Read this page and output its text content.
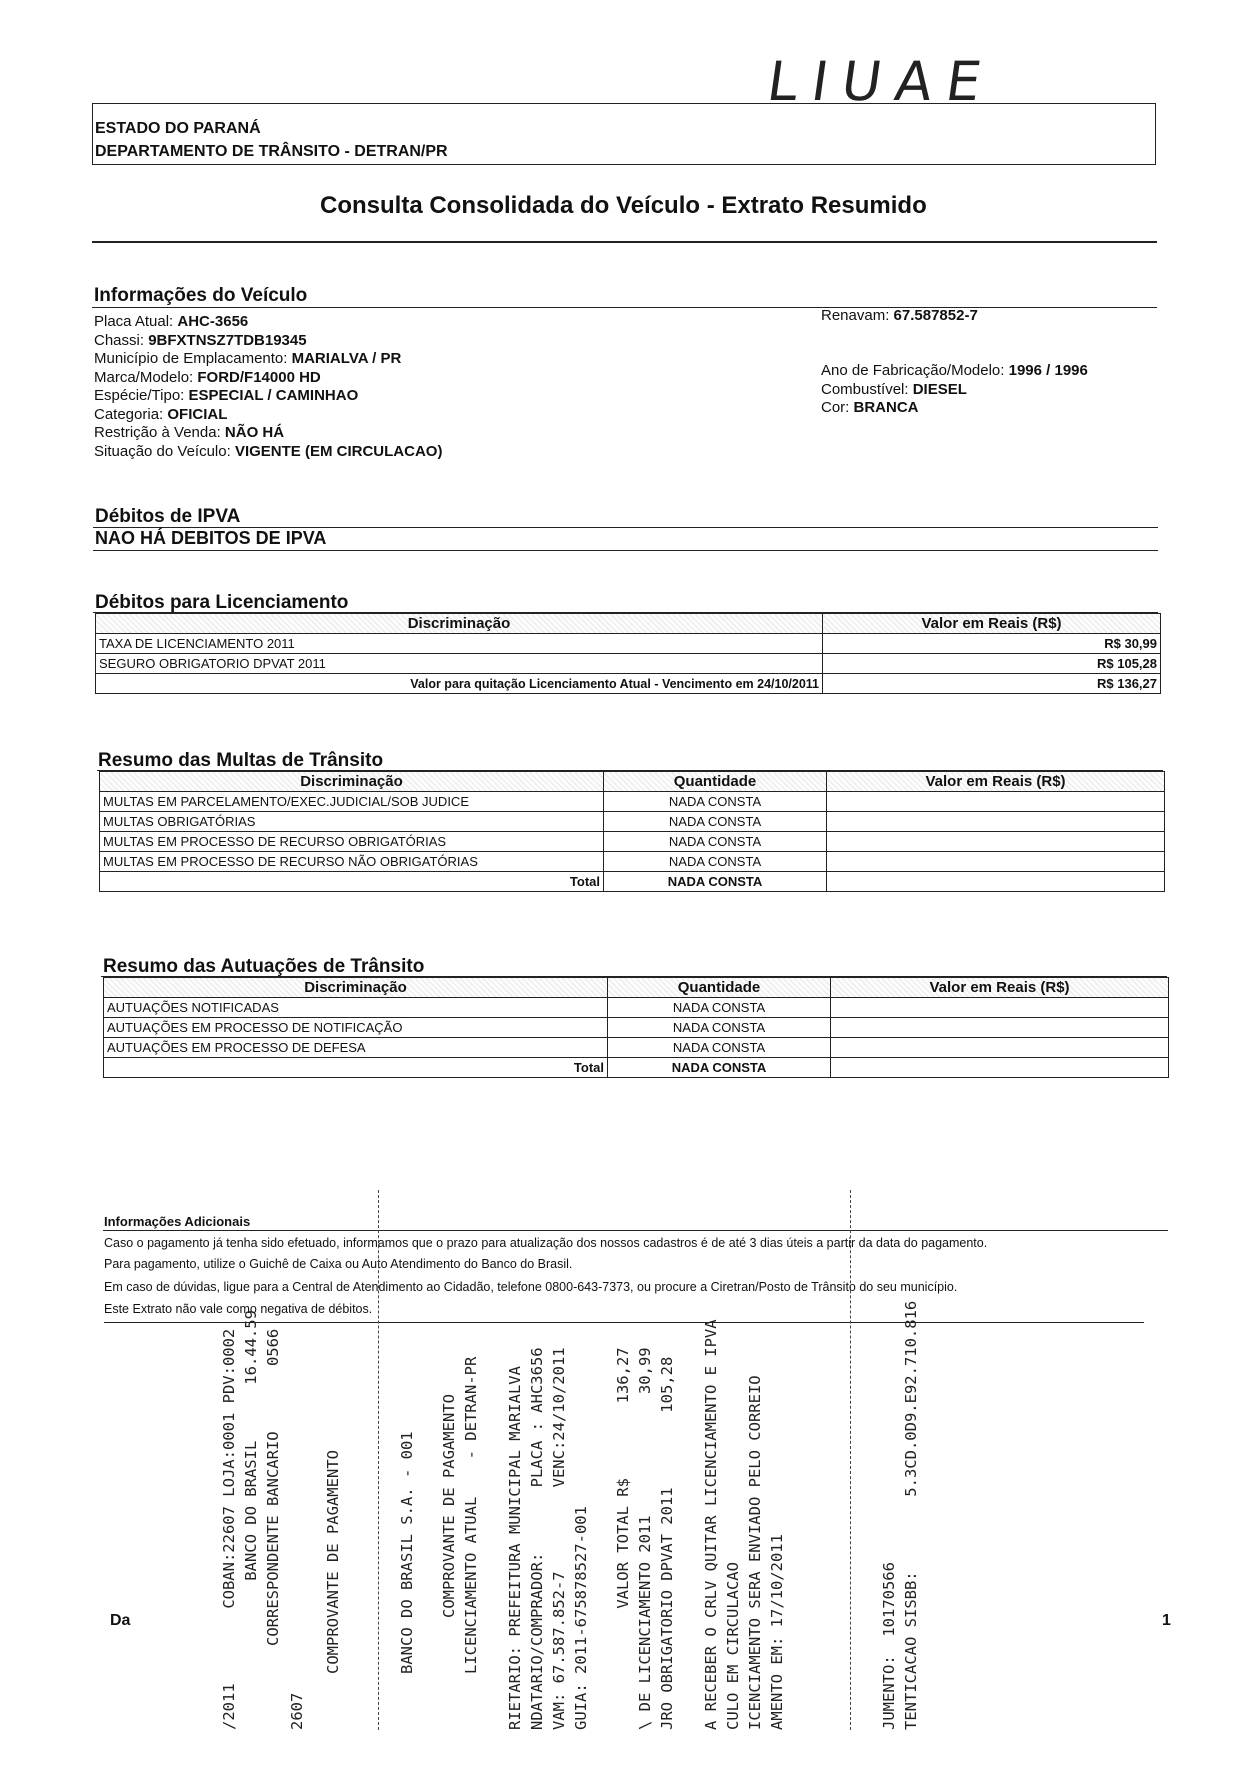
LIUAE
ESTADO DO PARANÁ
DEPARTAMENTO DE TRÂNSITO - DETRAN/PR
Consulta Consolidada do Veículo - Extrato Resumido
Informações do Veículo
Placa Atual: AHC-3656
Chassi: 9BFXTNSZ7TDB19345
Município de Emplacamento: MARIALVA / PR
Marca/Modelo: FORD/F14000 HD
Espécie/Tipo: ESPECIAL / CAMINHAO
Categoria: OFICIAL
Restrição à Venda: NÃO HÁ
Situação do Veículo: VIGENTE (EM CIRCULACAO)
Renavam: 67.587852-7
Ano de Fabricação/Modelo: 1996 / 1996
Combustível: DIESEL
Cor: BRANCA
Débitos de IPVA
NAO HÁ DEBITOS DE IPVA
Débitos para Licenciamento
Discriminação	Valor em Reais (R$)
TAXA DE LICENCIAMENTO 2011	R$ 30,99
SEGURO OBRIGATORIO DPVAT 2011	R$ 105,28
Valor para quitação Licenciamento Atual - Vencimento em 24/10/2011	R$ 136,27
Resumo das Multas de Trânsito
Discriminação	Quantidade	Valor em Reais (R$)
MULTAS EM PARCELAMENTO/EXEC.JUDICIAL/SOB JUDICE	NADA CONSTA	
MULTAS OBRIGATÓRIAS	NADA CONSTA	
MULTAS EM PROCESSO DE RECURSO OBRIGATÓRIAS	NADA CONSTA	
MULTAS EM PROCESSO DE RECURSO NÃO OBRIGATÓRIAS	NADA CONSTA	
Total	NADA CONSTA	
Resumo das Autuações de Trânsito
Discriminação	Quantidade	Valor em Reais (R$)
AUTUAÇÕES NOTIFICADAS	NADA CONSTA	
AUTUAÇÕES EM PROCESSO DE NOTIFICAÇÃO	NADA CONSTA	
AUTUAÇÕES EM PROCESSO DE DEFESA	NADA CONSTA	
Total	NADA CONSTA	
Informações Adicionais
Caso o pagamento já tenha sido efetuado, informamos que o prazo para atualização dos nossos cadastros é de até 3 dias úteis a partir da data do pagamento.
Para pagamento, utilize o Guichê de Caixa ou Auto Atendimento do Banco do Brasil.
Em caso de dúvidas, ligue para a Central de Atendimento ao Cidadão, telefone 0800-643-7373, ou procure a Ciretran/Posto de Trânsito do seu município.
Este Extrato não vale como negativa de débitos.
/2011        COBAN:22607 LOJA:0001 PDV:0002 BANCO DO BRASIL      16.44.59 CORRESPONDENTE BANCARIO       0566 2607 COMPROVANTE DE PAGAMENTO	BANCO DO BRASIL S.A. - 001 COMPROVANTE DE PAGAMENTO LICENCIAMENTO ATUAL    - DETRAN-PR RIETARIO: PREFEITURA MUNICIPAL MARIALVA NDATARIO/COMPRADOR:       PLACA : AHC3656 VAM: 67.587.852-7         VENC:24/10/2011 GUIA: 2011-675878527-001 VALOR TOTAL R$        136,27 \ DE LICENCIAMENTO 2011             30,99 JRO OBRIGATORIO DPVAT 2011        105,28 A RECEBER O CRLV QUITAR LICENCIAMENTO E IPVA CULO EM CIRCULACAO ICENCIAMENTO SERA ENVIADO PELO CORREIO AMENTO EM: 17/10/2011	JUMENTO:  10170566 TENTICACAO SISBB:        5.3CD.0D9.E92.710.816
Da	1
